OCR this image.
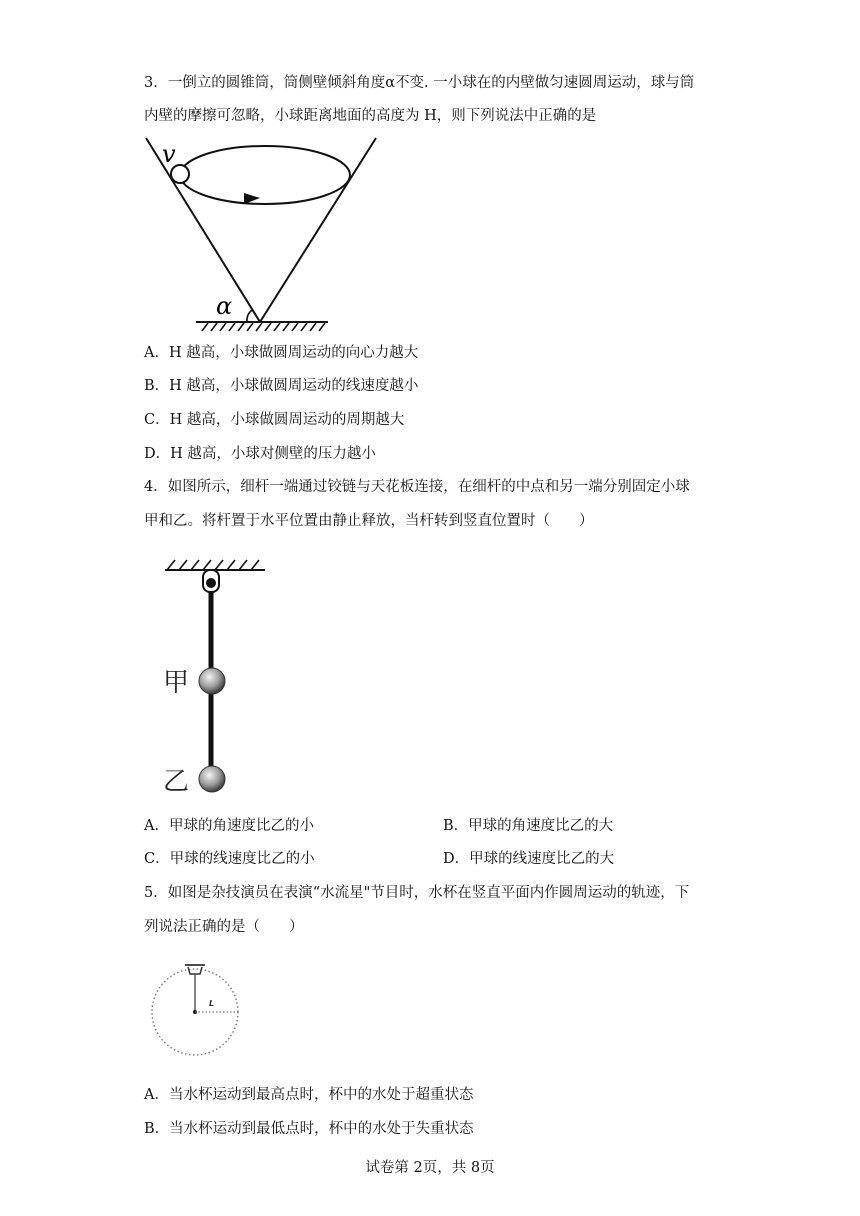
3．一倒立的圆锥筒，筒侧壁倾斜角度α不变. 一小球在的内壁做匀速圆周运动，球与筒
内壁的摩擦可忽略，小球距离地面的高度为 H，则下列说法中正确的是
v
α
A．H 越高，小球做圆周运动的向心力越大
B．H 越高，小球做圆周运动的线速度越小
C．H 越高，小球做圆周运动的周期越大
D．H 越高，小球对侧壁的压力越小
4．如图所示，细杆一端通过铰链与天花板连接，在细杆的中点和另一端分别固定小球
甲和乙。将杆置于水平位置由静止释放，当杆转到竖直位置时（　　）
甲
乙
A．甲球的角速度比乙的小	B．甲球的角速度比乙的大
C．甲球的线速度比乙的小	D．甲球的线速度比乙的大
5．如图是杂技演员在表演“水流星"节目时，水杯在竖直平面内作圆周运动的轨迹，下
列说法正确的是（　　）
L
A．当水杯运动到最高点时，杯中的水处于超重状态
B．当水杯运动到最低点时，杯中的水处于失重状态
试卷第 2页，共 8页
